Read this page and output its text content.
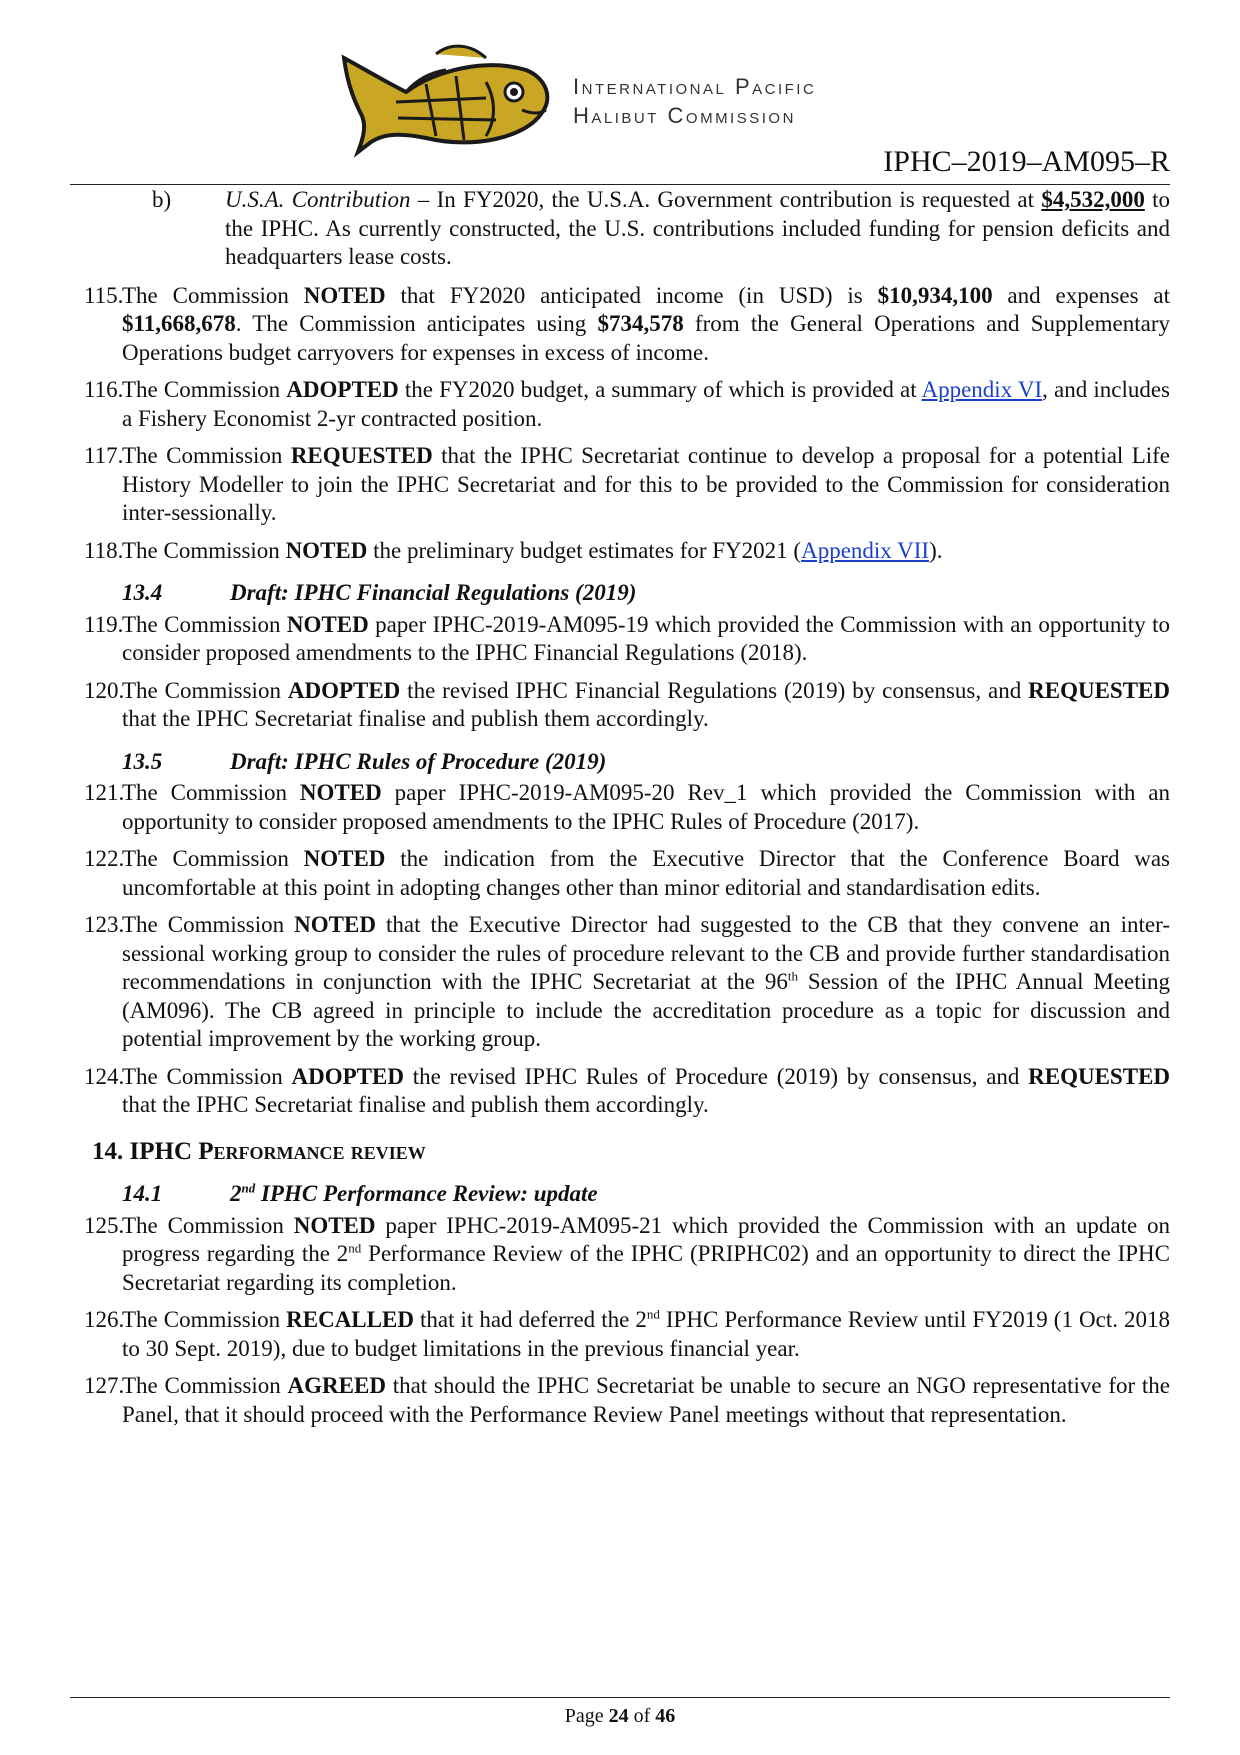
International Pacific
Halibut Commission
IPHC–2019–AM095–R
b) U.S.A. Contribution – In FY2020, the U.S.A. Government contribution is requested at $4,532,000 to the IPHC. As currently constructed, the U.S. contributions included funding for pension deficits and headquarters lease costs.
115.
The Commission NOTED that FY2020 anticipated income (in USD) is $10,934,100 and expenses at $11,668,678. The Commission anticipates using $734,578 from the General Operations and Supplementary Operations budget carryovers for expenses in excess of income.
116.
The Commission ADOPTED the FY2020 budget, a summary of which is provided at Appendix VI, and includes a Fishery Economist 2-yr contracted position.
117.
The Commission REQUESTED that the IPHC Secretariat continue to develop a proposal for a potential Life History Modeller to join the IPHC Secretariat and for this to be provided to the Commission for consideration inter-sessionally.
118.
The Commission NOTED the preliminary budget estimates for FY2021 (Appendix VII).
13.4	Draft: IPHC Financial Regulations (2019)
119.
The Commission NOTED paper IPHC-2019-AM095-19 which provided the Commission with an opportunity to consider proposed amendments to the IPHC Financial Regulations (2018).
120.
The Commission ADOPTED the revised IPHC Financial Regulations (2019) by consensus, and REQUESTED that the IPHC Secretariat finalise and publish them accordingly.
13.5	Draft: IPHC Rules of Procedure (2019)
121.
The Commission NOTED paper IPHC-2019-AM095-20 Rev_1 which provided the Commission with an opportunity to consider proposed amendments to the IPHC Rules of Procedure (2017).
122.
The Commission NOTED the indication from the Executive Director that the Conference Board was uncomfortable at this point in adopting changes other than minor editorial and standardisation edits.
123.
The Commission NOTED that the Executive Director had suggested to the CB that they convene an inter-sessional working group to consider the rules of procedure relevant to the CB and provide further standardisation recommendations in conjunction with the IPHC Secretariat at the 96th Session of the IPHC Annual Meeting (AM096). The CB agreed in principle to include the accreditation procedure as a topic for discussion and potential improvement by the working group.
124.
The Commission ADOPTED the revised IPHC Rules of Procedure (2019) by consensus, and REQUESTED that the IPHC Secretariat finalise and publish them accordingly.
14. IPHC Performance review
14.1	2nd IPHC Performance Review: update
125.
The Commission NOTED paper IPHC-2019-AM095-21 which provided the Commission with an update on progress regarding the 2nd Performance Review of the IPHC (PRIPHC02) and an opportunity to direct the IPHC Secretariat regarding its completion.
126.
The Commission RECALLED that it had deferred the 2nd IPHC Performance Review until FY2019 (1 Oct. 2018 to 30 Sept. 2019), due to budget limitations in the previous financial year.
127.
The Commission AGREED that should the IPHC Secretariat be unable to secure an NGO representative for the Panel, that it should proceed with the Performance Review Panel meetings without that representation.
Page 24 of 46
